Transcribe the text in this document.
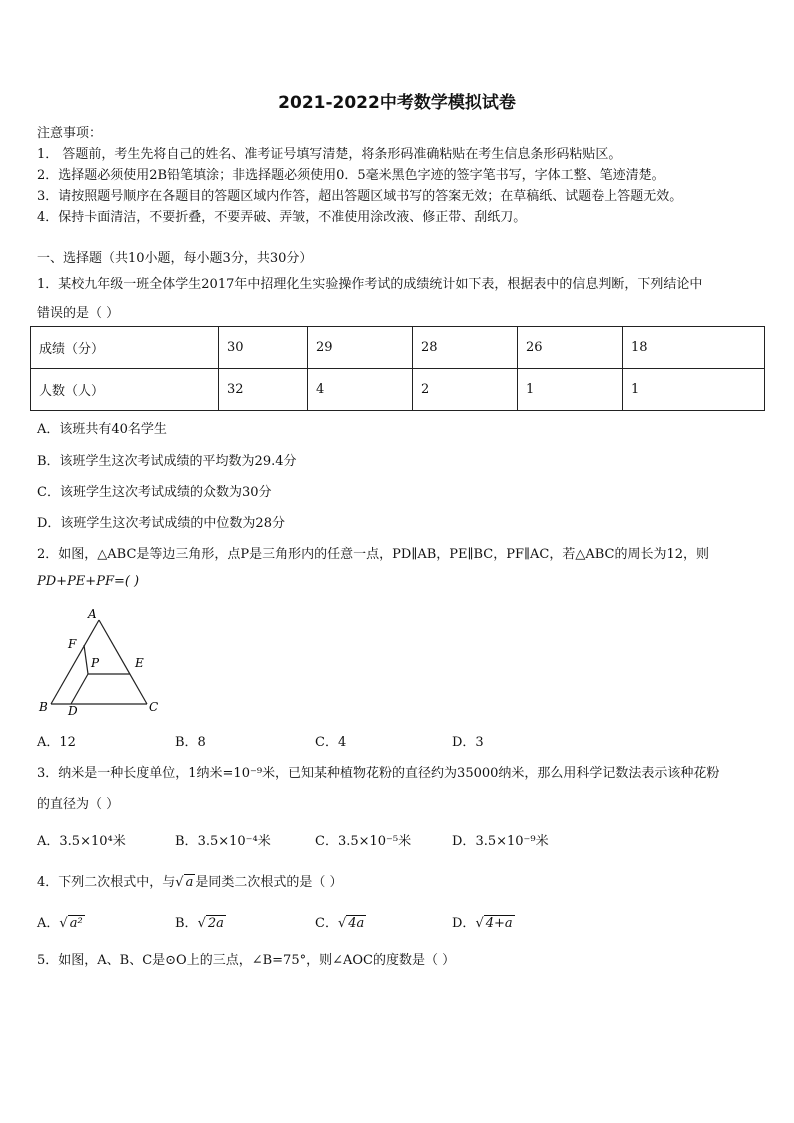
2021-2022中考数学模拟试卷
注意事项：
1． 答题前，考生先将自己的姓名、准考证号填写清楚，将条形码准确粘贴在考生信息条形码粘贴区。
2．选择题必须使用2B铅笔填涂；非选择题必须使用0．5毫米黑色字迹的签字笔书写，字体工整、笔迹清楚。
3．请按照题号顺序在各题目的答题区域内作答，超出答题区域书写的答案无效；在草稿纸、试题卷上答题无效。
4．保持卡面清洁，不要折叠，不要弄破、弄皱，不准使用涂改液、修正带、刮纸刀。
一、选择题（共10小题，每小题3分，共30分）
1．某校九年级一班全体学生2017年中招理化生实验操作考试的成绩统计如下表，根据表中的信息判断，下列结论中
错误的是（ ）
成绩（分）	30	29	28	26	18
人数（人）	32	4	2	1	1
A．该班共有40名学生
B．该班学生这次考试成绩的平均数为29.4分
C．该班学生这次考试成绩的众数为30分
D．该班学生这次考试成绩的中位数为28分
2．如图，△ABC是等边三角形，点P是三角形内的任意一点，PD∥AB，PE∥BC，PF∥AC，若△ABC的周长为12，则
PD+PE+PF=( )
A
F
P	E
B D	C
A．12	B．8	C．4	D．3
3．纳米是一种长度单位，1纳米=10⁻⁹米，已知某种植物花粉的直径约为35000纳米，那么用科学记数法表示该种花粉
的直径为（ ）
A．3.5×10⁴米	B．3.5×10⁻⁴米	C．3.5×10⁻⁵米	D．3.5×10⁻⁹米
4．下列二次根式中，与√ a 是同类二次根式的是（ ）
A．√ a²	B．√ 2a	C．√ 4a	D．√ 4+a
5．如图，A、B、C是⊙O上的三点，∠B=75°，则∠AOC的度数是（ ）
